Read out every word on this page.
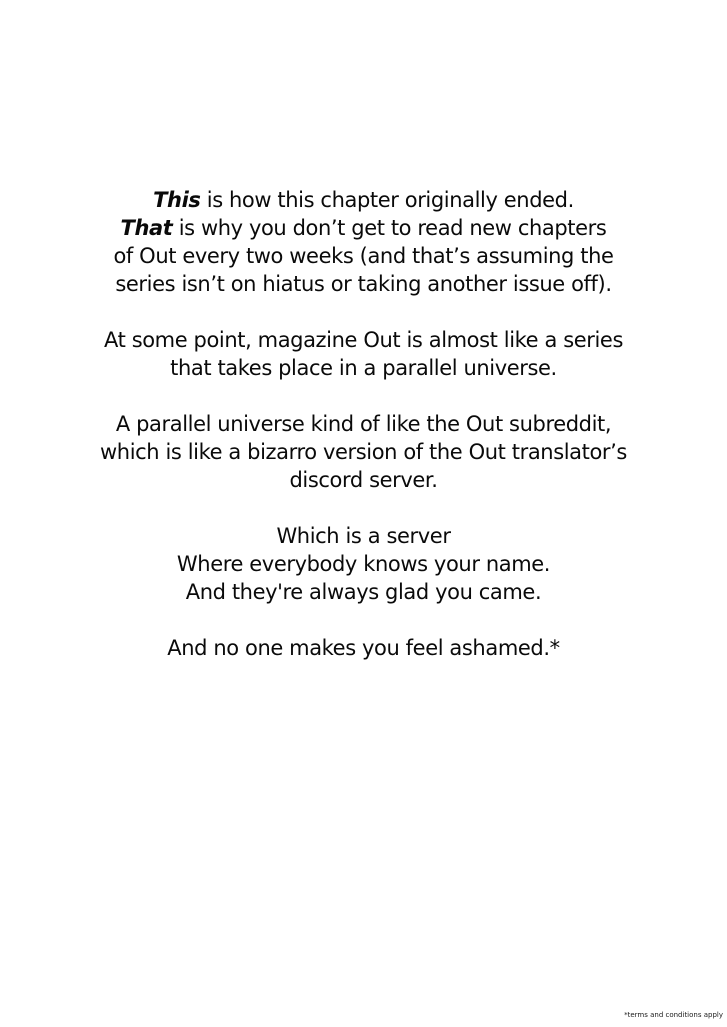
This is how this chapter originally ended.
That is why you don’t get to read new chapters
of Out every two weeks (and that’s assuming the
series isn’t on hiatus or taking another issue off).
At some point, magazine Out is almost like a series
that takes place in a parallel universe.
A parallel universe kind of like the Out subreddit,
which is like a bizarro version of the Out translator’s
discord server.
Which is a server
Where everybody knows your name.
And they're always glad you came.
And no one makes you feel ashamed.*
*terms and conditions apply
